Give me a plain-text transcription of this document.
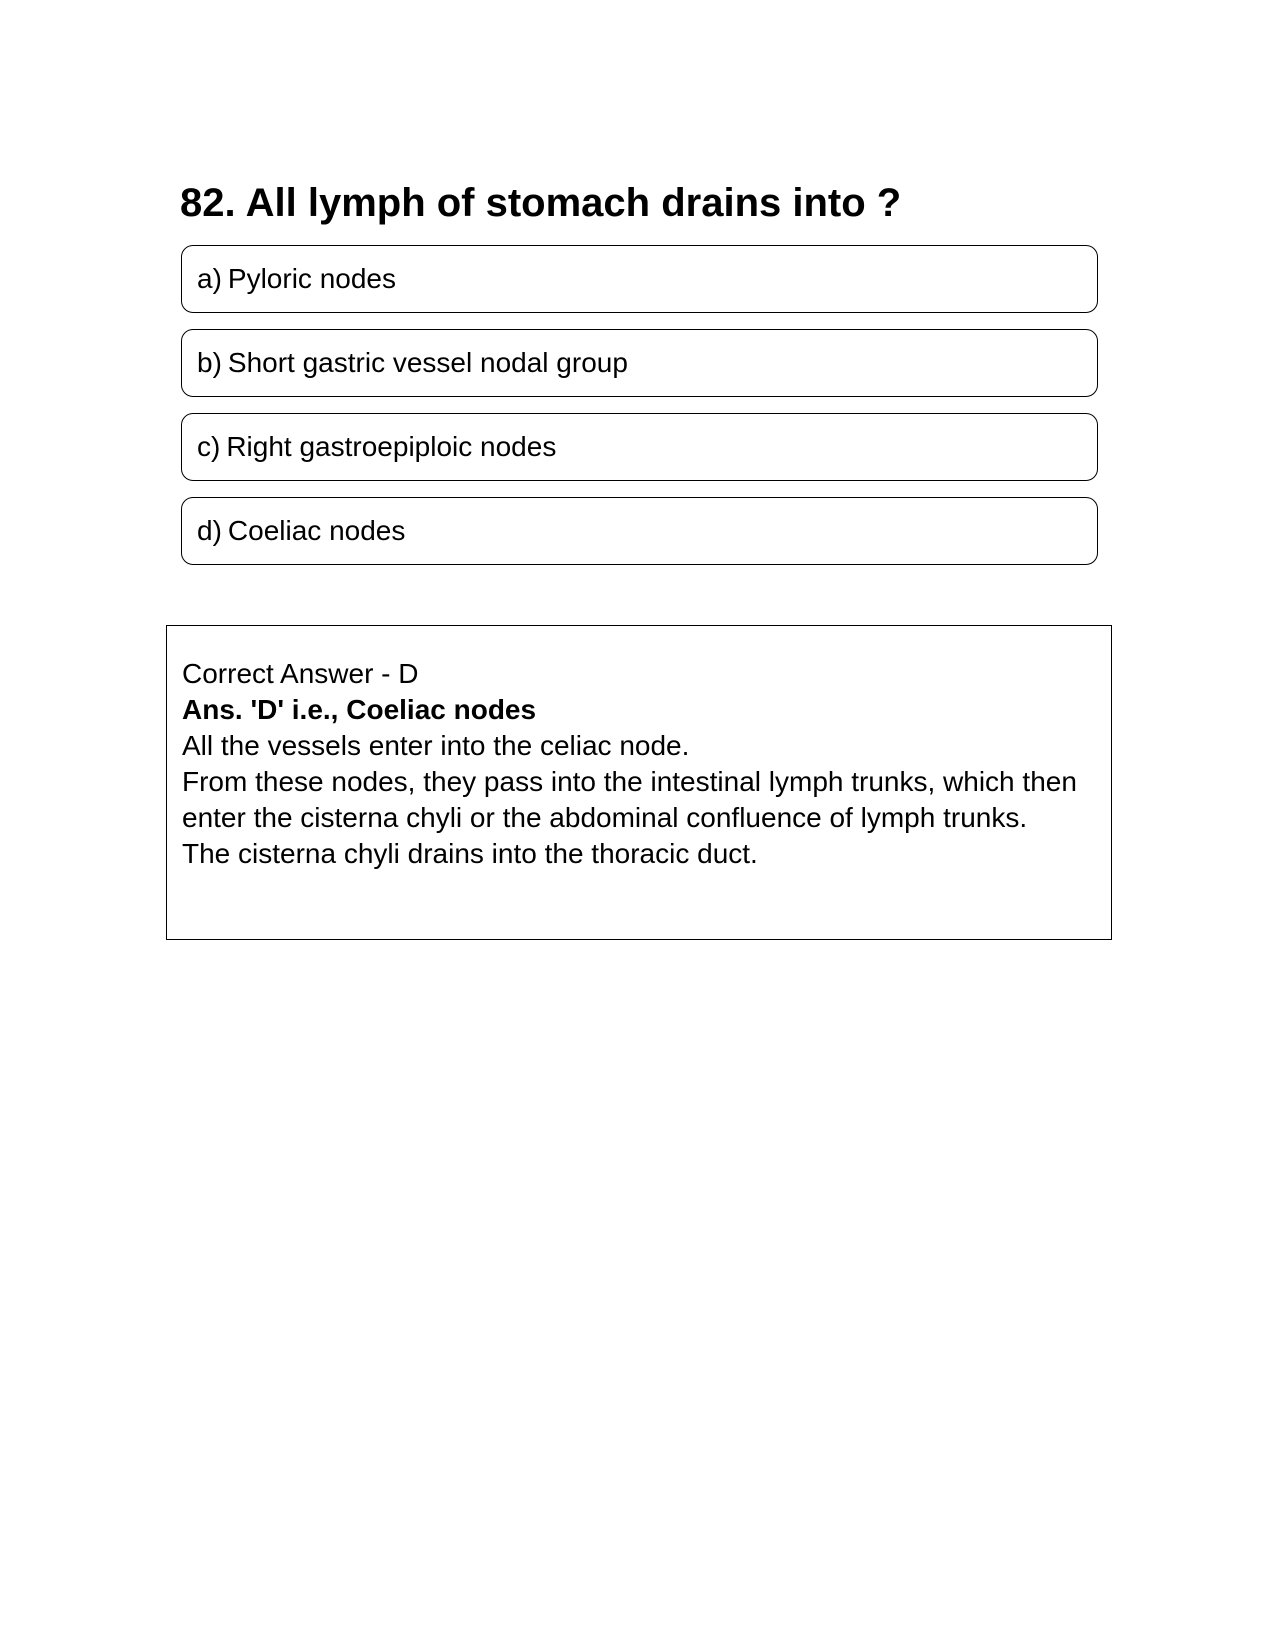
82. All lymph of stomach drains into ?
a) Pyloric nodes
b) Short gastric vessel nodal group
c) Right gastroepiploic nodes
d) Coeliac nodes

Correct Answer - D

Ans. 'D' i.e., Coeliac nodes

All the vessels enter into the celiac node.

From these nodes, they pass into the intestinal lymph trunks, which then enter the cisterna chyli or the abdominal confluence of lymph trunks.

The cisterna chyli drains into the thoracic duct.
